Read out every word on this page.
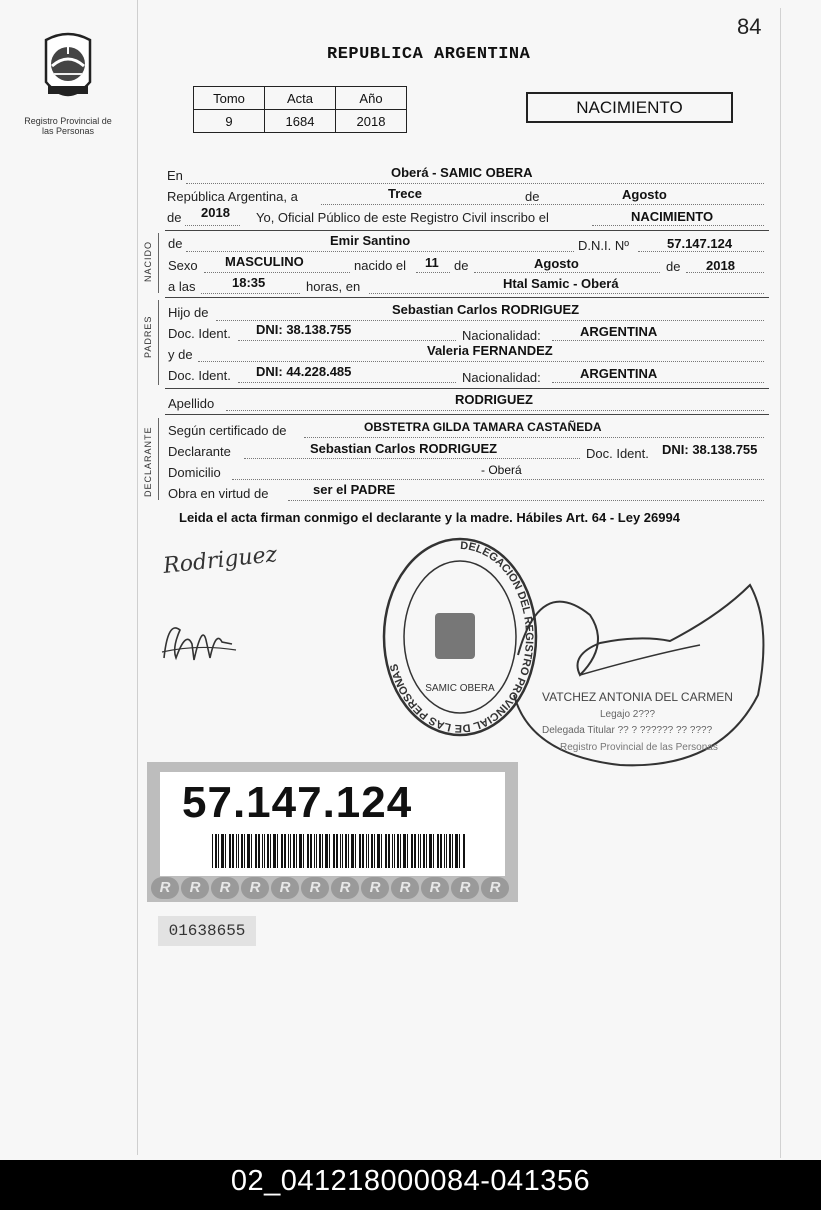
Registro Provincial de las Personas
84
REPUBLICA ARGENTINA
Tomo	Acta	Año
9	1684	2018
NACIMIENTO
En	Oberá - SAMIC OBERA
República Argentina, a	Trece	de	Agosto
de 2018 Yo, Oficial Público de este Registro Civil inscribo el	NACIMIENTO
NACIDO de	Emir Santino	D.N.I. Nº	57.147.124
Sexo MASCULINO	nacido el 11 de	Agosto	de 2018
a las	18:35	horas, en	Htal Samic - Oberá
PADRES
Hijo de	Sebastian Carlos RODRIGUEZ
Doc. Ident. DNI: 38.138.755	Nacionalidad:	ARGENTINA
y de	Valeria FERNANDEZ
Doc. Ident. DNI: 44.228.485	Nacionalidad:	ARGENTINA
Apellido	RODRIGUEZ
DECLARANTE Según certificado de	OBSTETRA GILDA TAMARA CASTAÑEDA
Declarante	Sebastian Carlos RODRIGUEZ	Doc. Ident. DNI: 38.138.755
Domicilio	- Oberá
Obra en virtud de	ser el PADRE
Leida el acta firman conmigo el declarante y la madre. Hábiles Art. 64 - Ley 26994
Rodriguez	DELEGACIÓN DEL REGISTRO PROVINCIAL DE LAS PERSONAS
SAMIC OBERA
VATCHEZ ANTONIA DEL CARMEN
Legajo 2???
Delegada Titular ?? ? ?????? ?? ????
Registro Provincial de las Personas
57.147.124
R R R R R R R R R R R R
01638655
02_041218000084-041356
